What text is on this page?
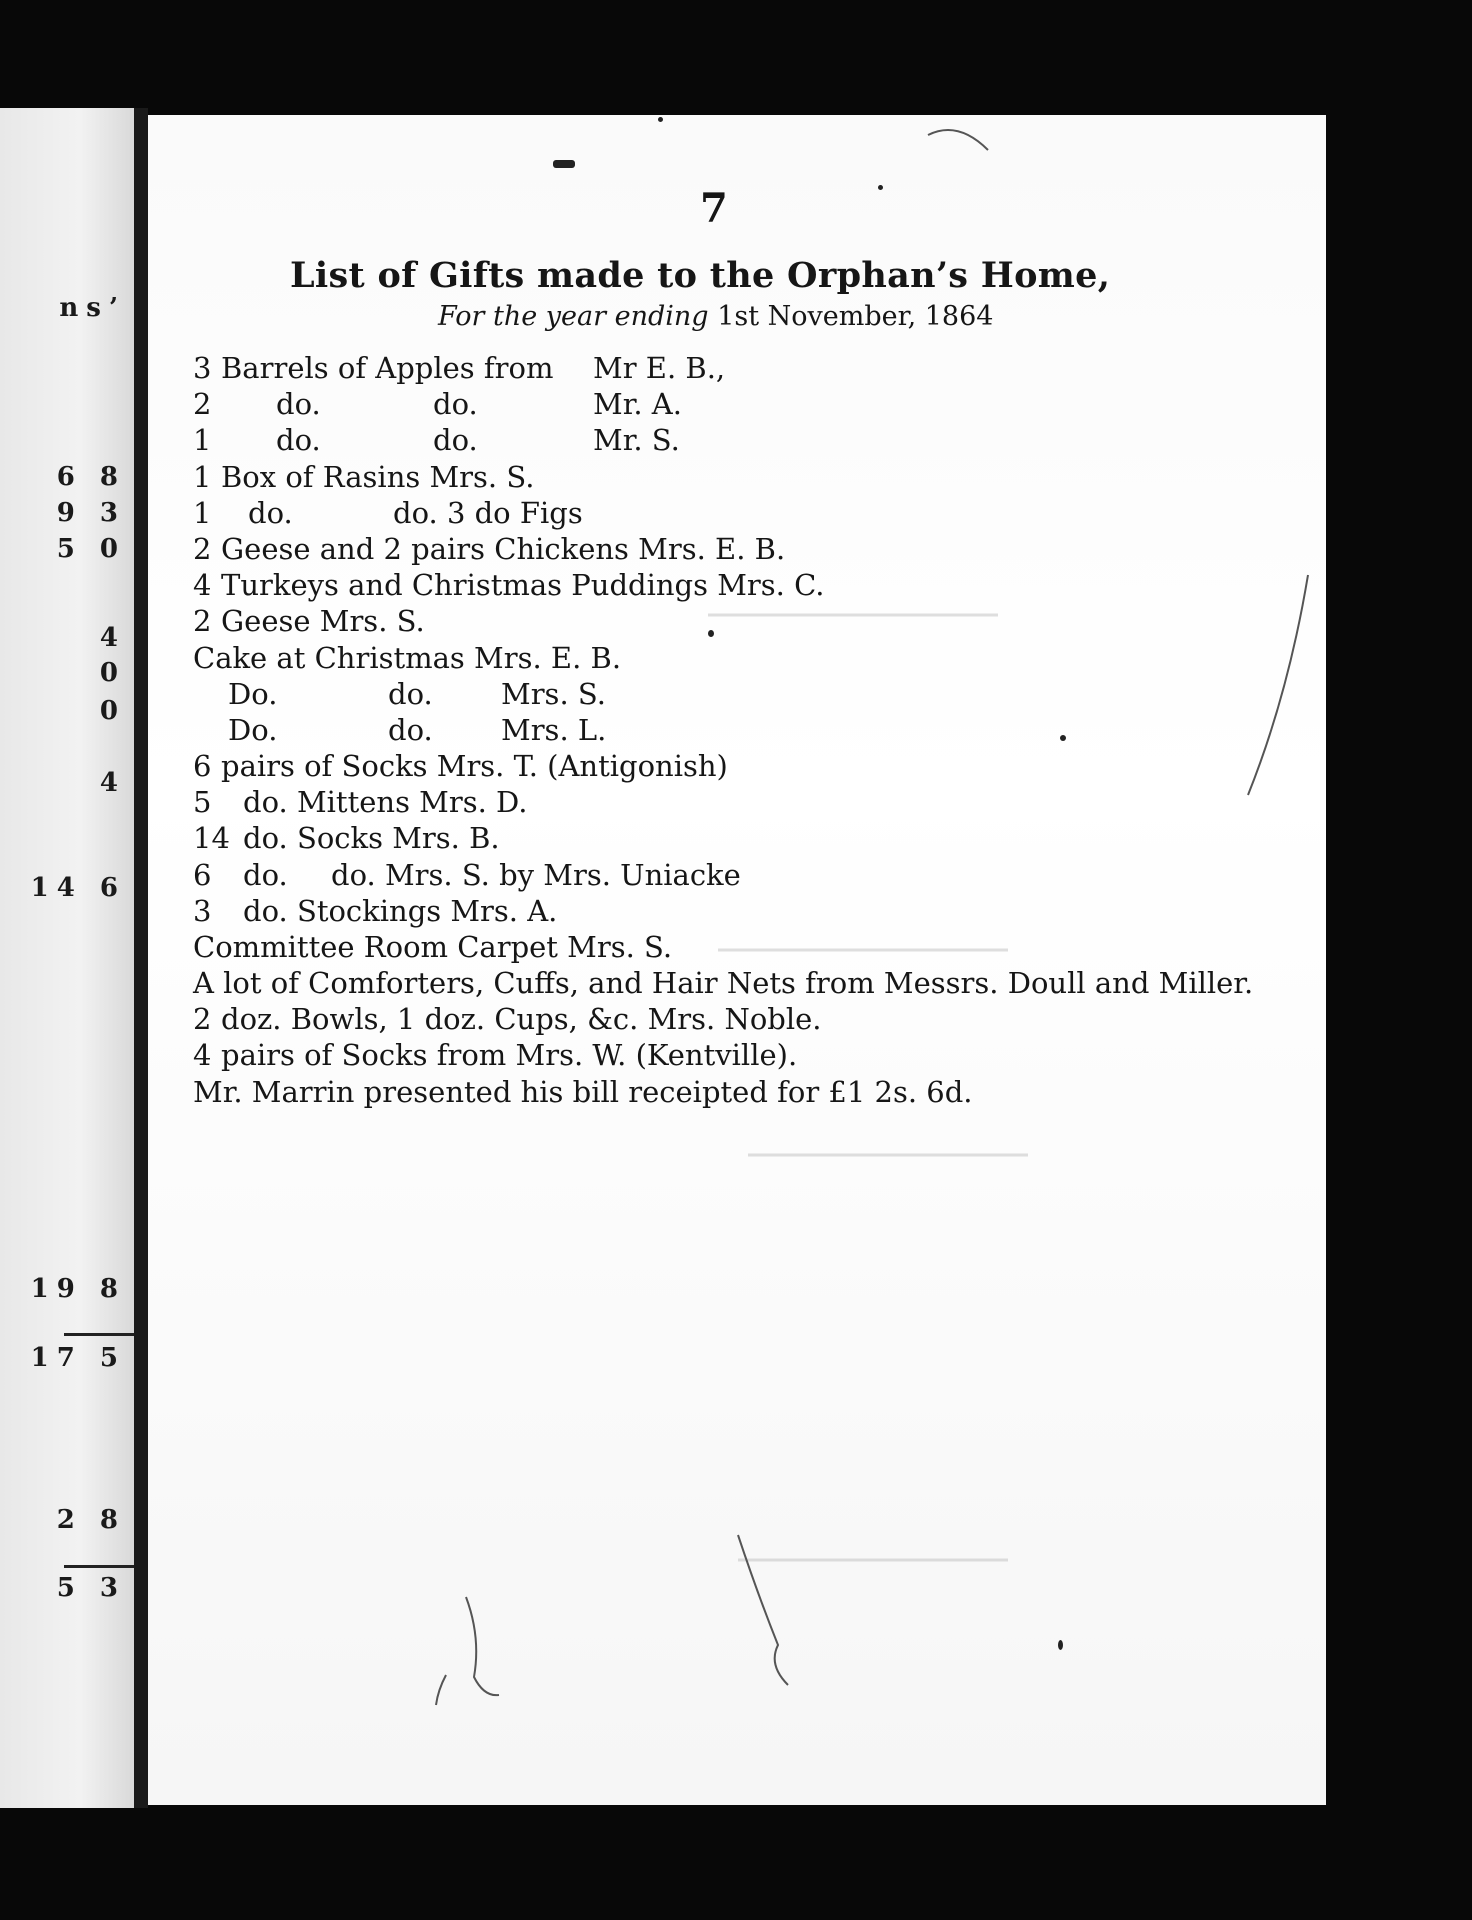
ns’
6 8
9 3
5 0
4
0
0
4
14 6
19 8
17 5
2 8
5 3
7
List of Gifts made to the Orphan’s Home,
For the year ending 1st November, 1864
3 Barrels of Apples from Mr E. B.,
2 do.	do.	Mr. A.
1 do.	do.	Mr. S.
1 Box of Rasins Mrs. S.
1 do.	do. 3 do Figs
2 Geese and 2 pairs Chickens Mrs. E. B.
4 Turkeys and Christmas Puddings Mrs. C.
2 Geese Mrs. S.
Cake at Christmas Mrs. E. B.
Do.	do. Mrs. S.
Do.	do. Mrs. L.
6 pairs of Socks Mrs. T. (Antigonish)
5 do. Mittens Mrs. D.
14 do. Socks Mrs. B.
6 do. do. Mrs. S. by Mrs. Uniacke
3 do. Stockings Mrs. A.
Committee Room Carpet Mrs. S.
A lot of Comforters, Cuffs, and Hair Nets from Messrs. Doull and Miller.
2 doz. Bowls, 1 doz. Cups, &c. Mrs. Noble.
4 pairs of Socks from Mrs. W. (Kentville).
Mr. Marrin presented his bill receipted for £1 2s. 6d.
